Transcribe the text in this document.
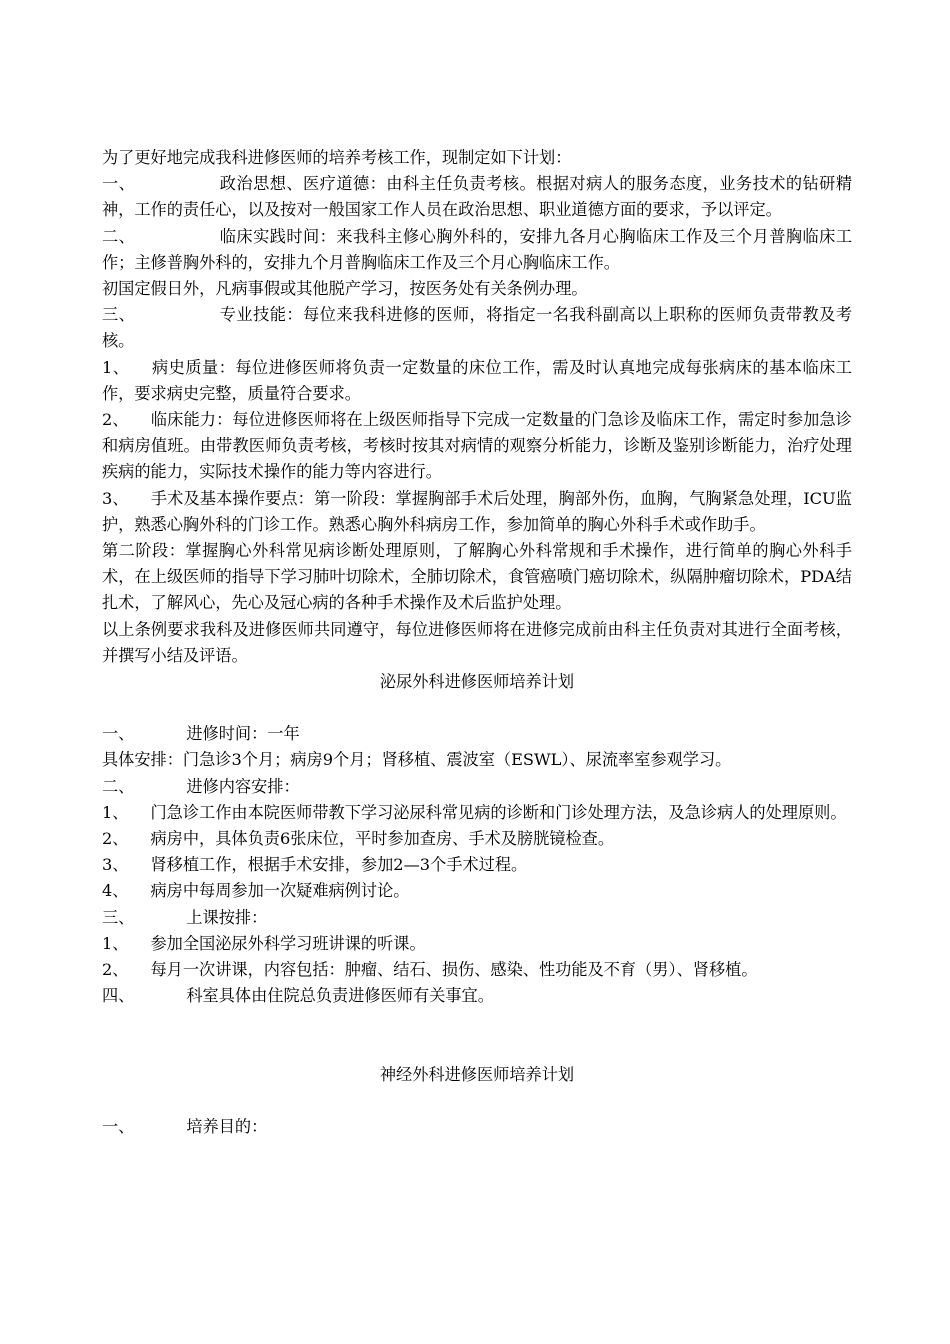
为了更好地完成我科进修医师的培养考核工作，现制定如下计划：
一、	政治思想、医疗道德：由科主任负责考核。根据对病人的服务态度，业务技术的钻研精神，工作的责任心，以及按对一般国家工作人员在政治思想、职业道德方面的要求，予以评定。
二、	临床实践时间：来我科主修心胸外科的，安排九各月心胸临床工作及三个月普胸临床工作；主修普胸外科的，安排九个月普胸临床工作及三个月心胸临床工作。
初国定假日外，凡病事假或其他脱产学习，按医务处有关条例办理。
三、	专业技能：每位来我科进修的医师，将指定一名我科副高以上职称的医师负责带教及考核。
1、 病史质量：每位进修医师将负责一定数量的床位工作，需及时认真地完成每张病床的基本临床工作，要求病史完整，质量符合要求。
2、 临床能力：每位进修医师将在上级医师指导下完成一定数量的门急诊及临床工作，需定时参加急诊和病房值班。由带教医师负责考核，考核时按其对病情的观察分析能力，诊断及鉴别诊断能力，治疗处理疾病的能力，实际技术操作的能力等内容进行。
3、 手术及基本操作要点：第一阶段：掌握胸部手术后处理，胸部外伤，血胸，气胸紧急处理，ICU监护，熟悉心胸外科的门诊工作。熟悉心胸外科病房工作，参加简单的胸心外科手术或作助手。
第二阶段：掌握胸心外科常见病诊断处理原则，了解胸心外科常规和手术操作，进行简单的胸心外科手术，在上级医师的指导下学习肺叶切除术，全肺切除术，食管癌喷门癌切除术，纵隔肿瘤切除术，PDA结扎术，了解风心，先心及冠心病的各种手术操作及术后监护处理。
以上条例要求我科及进修医师共同遵守，每位进修医师将在进修完成前由科主任负责对其进行全面考核，并撰写小结及评语。
泌尿外科进修医师培养计划
一、	进修时间：一年
具体安排：门急诊3个月；病房9个月；肾移植、震波室（ESWL）、尿流率室参观学习。
二、	进修内容安排：
1、 门急诊工作由本院医师带教下学习泌尿科常见病的诊断和门诊处理方法，及急诊病人的处理原则。
2、 病房中，具体负责6张床位，平时参加查房、手术及膀胱镜检查。
3、 肾移植工作，根据手术安排，参加2—3个手术过程。
4、 病房中每周参加一次疑难病例讨论。
三、	上课按排：
1、 参加全国泌尿外科学习班讲课的听课。
2、 每月一次讲课，内容包括：肿瘤、结石、损伤、感染、性功能及不育（男）、肾移植。
四、	科室具体由住院总负责进修医师有关事宜。
神经外科进修医师培养计划
一、	培养目的：
